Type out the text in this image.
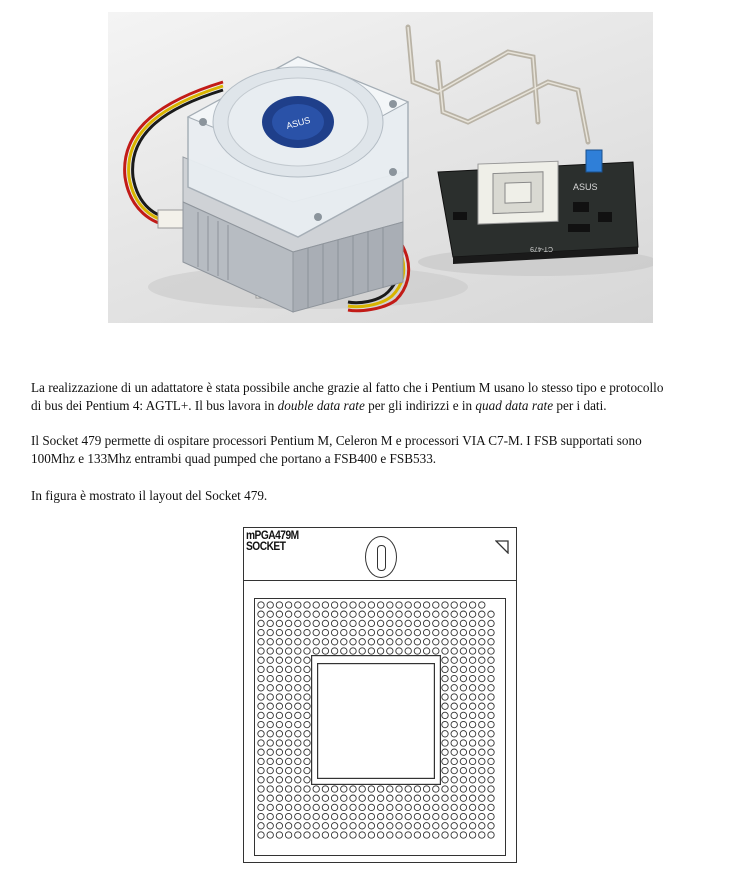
ASUS
ASUS
CT-479

La realizzazione di un adattatore è stata possibile anche grazie al fatto che i Pentium M usano lo stesso tipo e protocollo
di bus dei Pentium 4: AGTL+. Il bus lavora in double data rate per gli indirizzi e in quad data rate per i dati.

Il Socket 479 permette di ospitare processori Pentium M, Celeron M e processori VIA C7-M. I FSB supportati sono
100Mhz e 133Mhz entrambi quad pumped che portano a FSB400 e FSB533.

In figura è mostrato il layout del Socket 479.

mPGA479M
SOCKET
